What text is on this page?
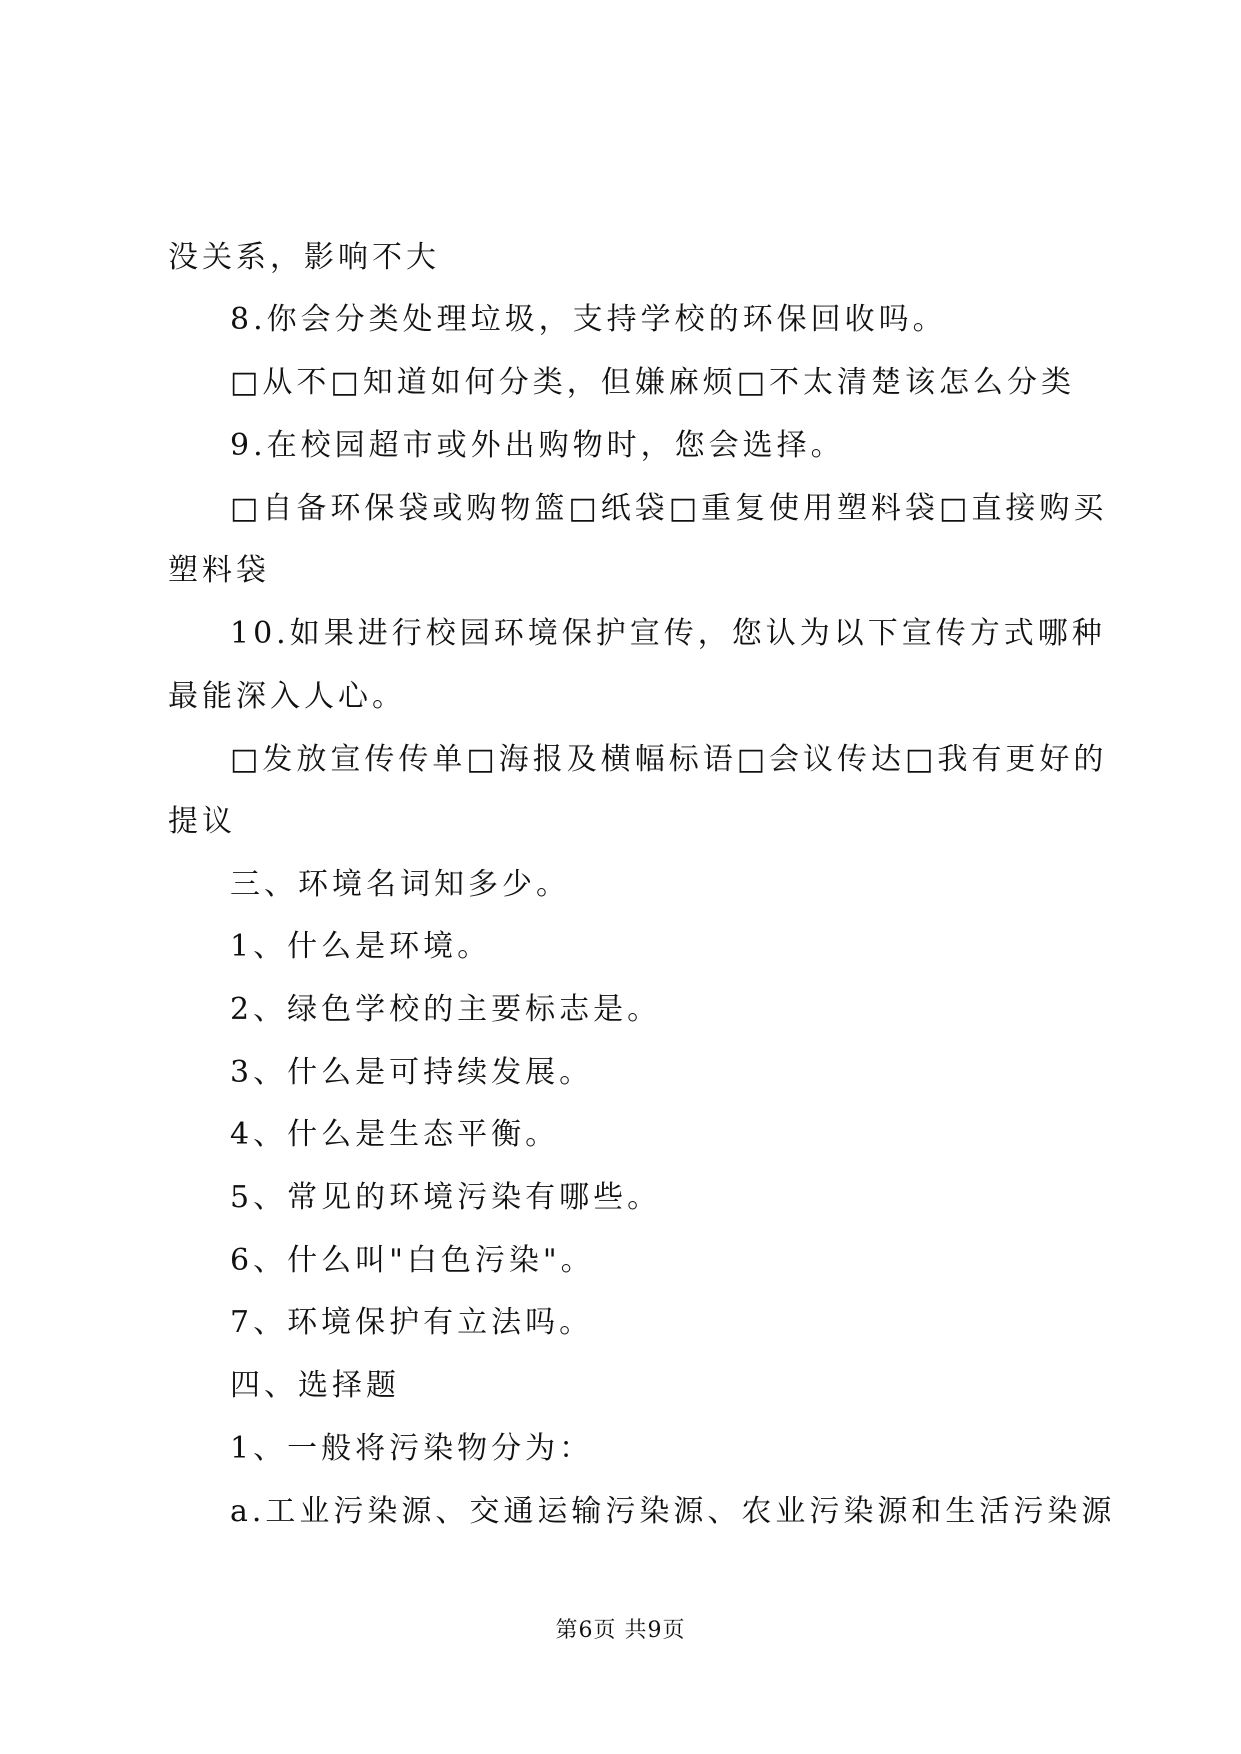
没关系，影响不大
8.你会分类处理垃圾，支持学校的环保回收吗。
□从不□知道如何分类，但嫌麻烦□不太清楚该怎么分类
9.在校园超市或外出购物时，您会选择。
□自备环保袋或购物篮□纸袋□重复使用塑料袋□直接购买
塑料袋
10.如果进行校园环境保护宣传，您认为以下宣传方式哪种
最能深入人心。
□发放宣传传单□海报及横幅标语□会议传达□我有更好的
提议
三、环境名词知多少。
1、什么是环境。
2、绿色学校的主要标志是。
3、什么是可持续发展。
4、什么是生态平衡。
5、常见的环境污染有哪些。
6、什么叫"白色污染"。
7、环境保护有立法吗。
四、选择题
1、一般将污染物分为：
a.工业污染源、交通运输污染源、农业污染源和生活污染源
第6页 共9页
